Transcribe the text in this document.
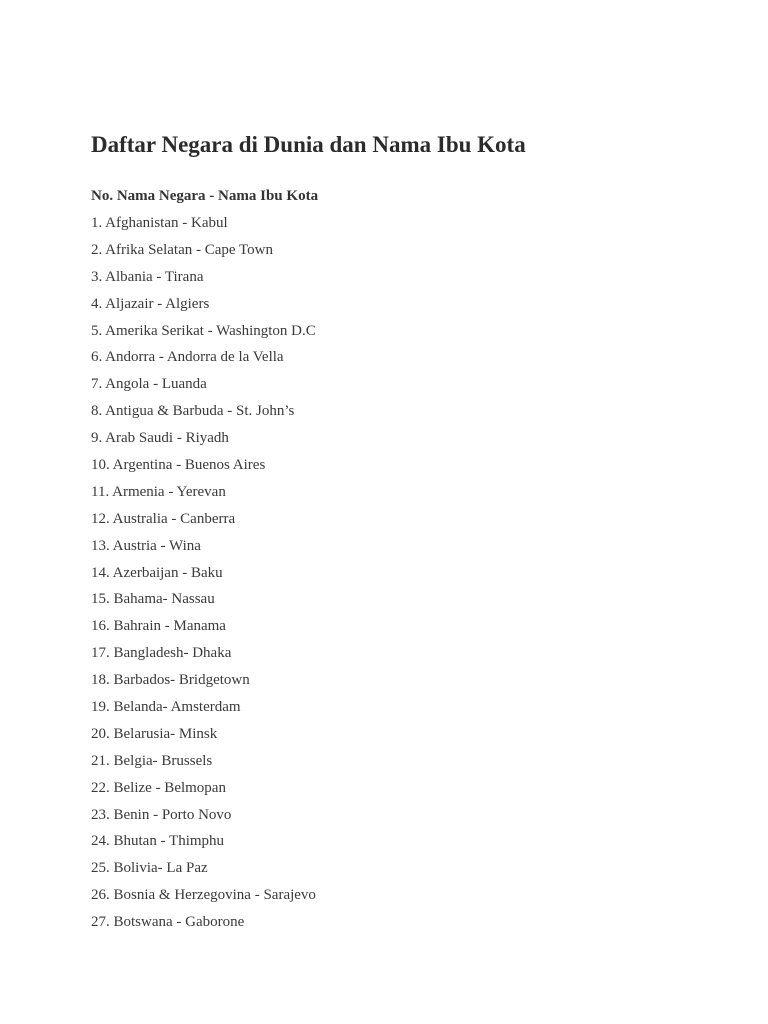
Daftar Negara di Dunia dan Nama Ibu Kota
No. Nama Negara - Nama Ibu Kota
1. Afghanistan - Kabul
2. Afrika Selatan - Cape Town
3. Albania - Tirana
4. Aljazair - Algiers
5. Amerika Serikat - Washington D.C
6. Andorra - Andorra de la Vella
7. Angola - Luanda
8. Antigua & Barbuda - St. John’s
9. Arab Saudi - Riyadh
10. Argentina - Buenos Aires
11. Armenia - Yerevan
12. Australia - Canberra
13. Austria - Wina
14. Azerbaijan - Baku
15. Bahama- Nassau
16. Bahrain - Manama
17. Bangladesh- Dhaka
18. Barbados- Bridgetown
19. Belanda- Amsterdam
20. Belarusia- Minsk
21. Belgia- Brussels
22. Belize - Belmopan
23. Benin - Porto Novo
24. Bhutan - Thimphu
25. Bolivia- La Paz
26. Bosnia & Herzegovina - Sarajevo
27. Botswana - Gaborone
